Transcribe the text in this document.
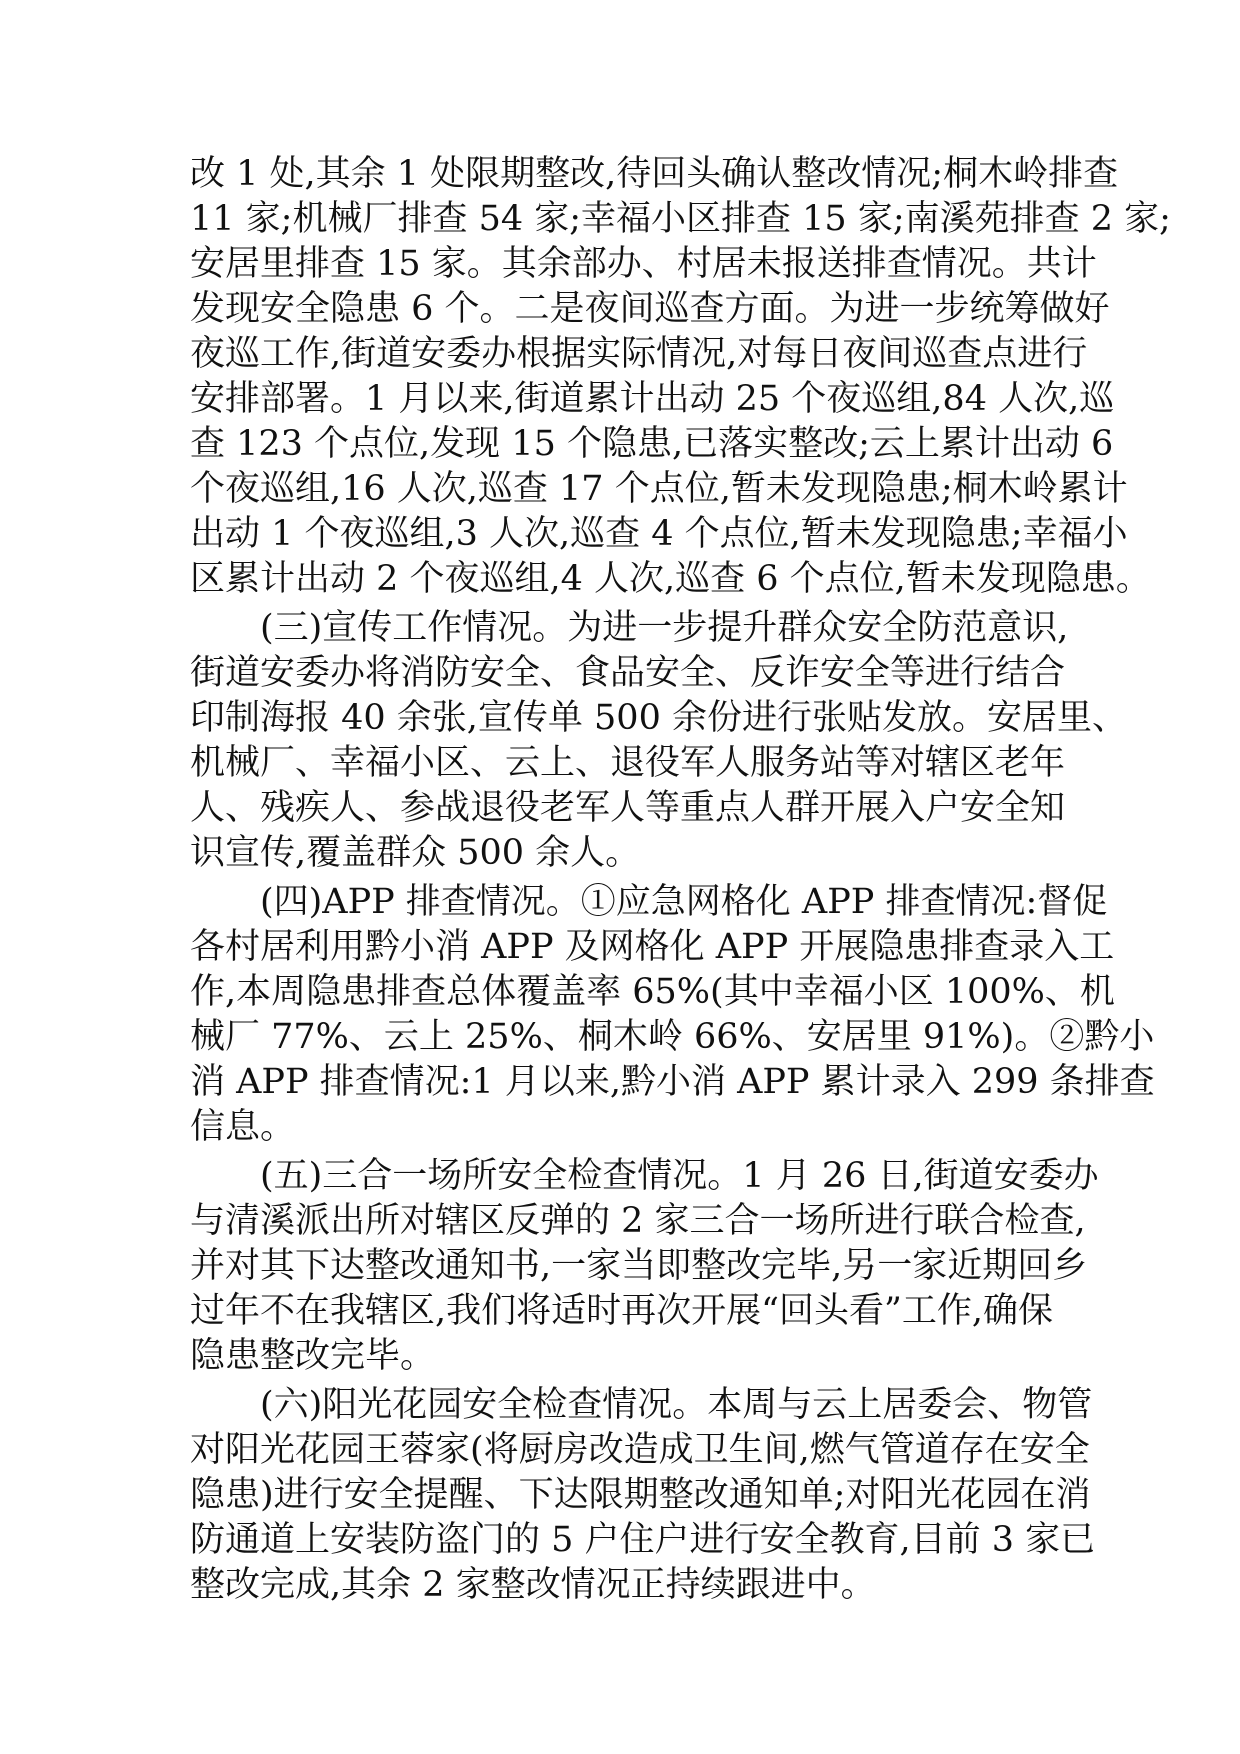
改 1 处,其余 1 处限期整改,待回头确认整改情况;桐木岭排查
11 家;机械厂排查 54 家;幸福小区排查 15 家;南溪苑排查 2 家;
安居里排查 15 家。其余部办、村居未报送排查情况。共计
发现安全隐患 6 个。二是夜间巡查方面。为进一步统筹做好
夜巡工作,街道安委办根据实际情况,对每日夜间巡查点进行
安排部署。1 月以来,街道累计出动 25 个夜巡组,84 人次,巡
查 123 个点位,发现 15 个隐患,已落实整改;云上累计出动 6
个夜巡组,16 人次,巡查 17 个点位,暂未发现隐患;桐木岭累计
出动 1 个夜巡组,3 人次,巡查 4 个点位,暂未发现隐患;幸福小
区累计出动 2 个夜巡组,4 人次,巡查 6 个点位,暂未发现隐患。
(三)宣传工作情况。为进一步提升群众安全防范意识,
街道安委办将消防安全、食品安全、反诈安全等进行结合
印制海报 40 余张,宣传单 500 余份进行张贴发放。安居里、
机械厂、幸福小区、云上、退役军人服务站等对辖区老年
人、残疾人、参战退役老军人等重点人群开展入户安全知
识宣传,覆盖群众 500 余人。
(四)APP 排查情况。①应急网格化 APP 排查情况:督促
各村居利用黔小消 APP 及网格化 APP 开展隐患排查录入工
作,本周隐患排查总体覆盖率 65%(其中幸福小区 100%、机
械厂 77%、云上 25%、桐木岭 66%、安居里 91%)。②黔小
消 APP 排查情况:1 月以来,黔小消 APP 累计录入 299 条排查
信息。
(五)三合一场所安全检查情况。1 月 26 日,街道安委办
与清溪派出所对辖区反弹的 2 家三合一场所进行联合检查,
并对其下达整改通知书,一家当即整改完毕,另一家近期回乡
过年不在我辖区,我们将适时再次开展“回头看”工作,确保
隐患整改完毕。
(六)阳光花园安全检查情况。本周与云上居委会、物管
对阳光花园王蓉家(将厨房改造成卫生间,燃气管道存在安全
隐患)进行安全提醒、下达限期整改通知单;对阳光花园在消
防通道上安装防盗门的 5 户住户进行安全教育,目前 3 家已
整改完成,其余 2 家整改情况正持续跟进中。
